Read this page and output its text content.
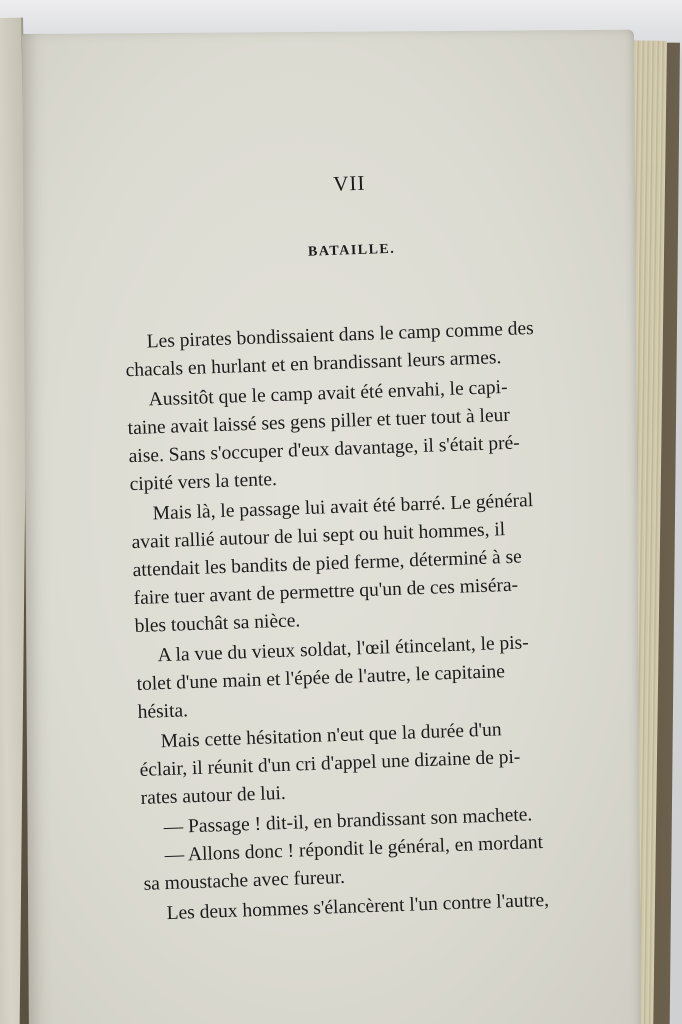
VII
BATAILLE.

Les pirates bondissaient dans le camp comme des
chacals en hurlant et en brandissant leurs armes.

Aussitôt que le camp avait été envahi, le capi-
taine avait laissé ses gens piller et tuer tout à leur
aise. Sans s'occuper d'eux davantage, il s'était pré-
cipité vers la tente.

Mais là, le passage lui avait été barré. Le général
avait rallié autour de lui sept ou huit hommes, il
attendait les bandits de pied ferme, déterminé à se
faire tuer avant de permettre qu'un de ces miséra-
bles touchât sa nièce.

A la vue du vieux soldat, l'œil étincelant, le pis-
tolet d'une main et l'épée de l'autre, le capitaine
hésita.

Mais cette hésitation n'eut que la durée d'un
éclair, il réunit d'un cri d'appel une dizaine de pi-
rates autour de lui.

— Passage ! dit-il, en brandissant son machete.

— Allons donc ! répondit le général, en mordant
sa moustache avec fureur.

Les deux hommes s'élancèrent l'un contre l'autre,
